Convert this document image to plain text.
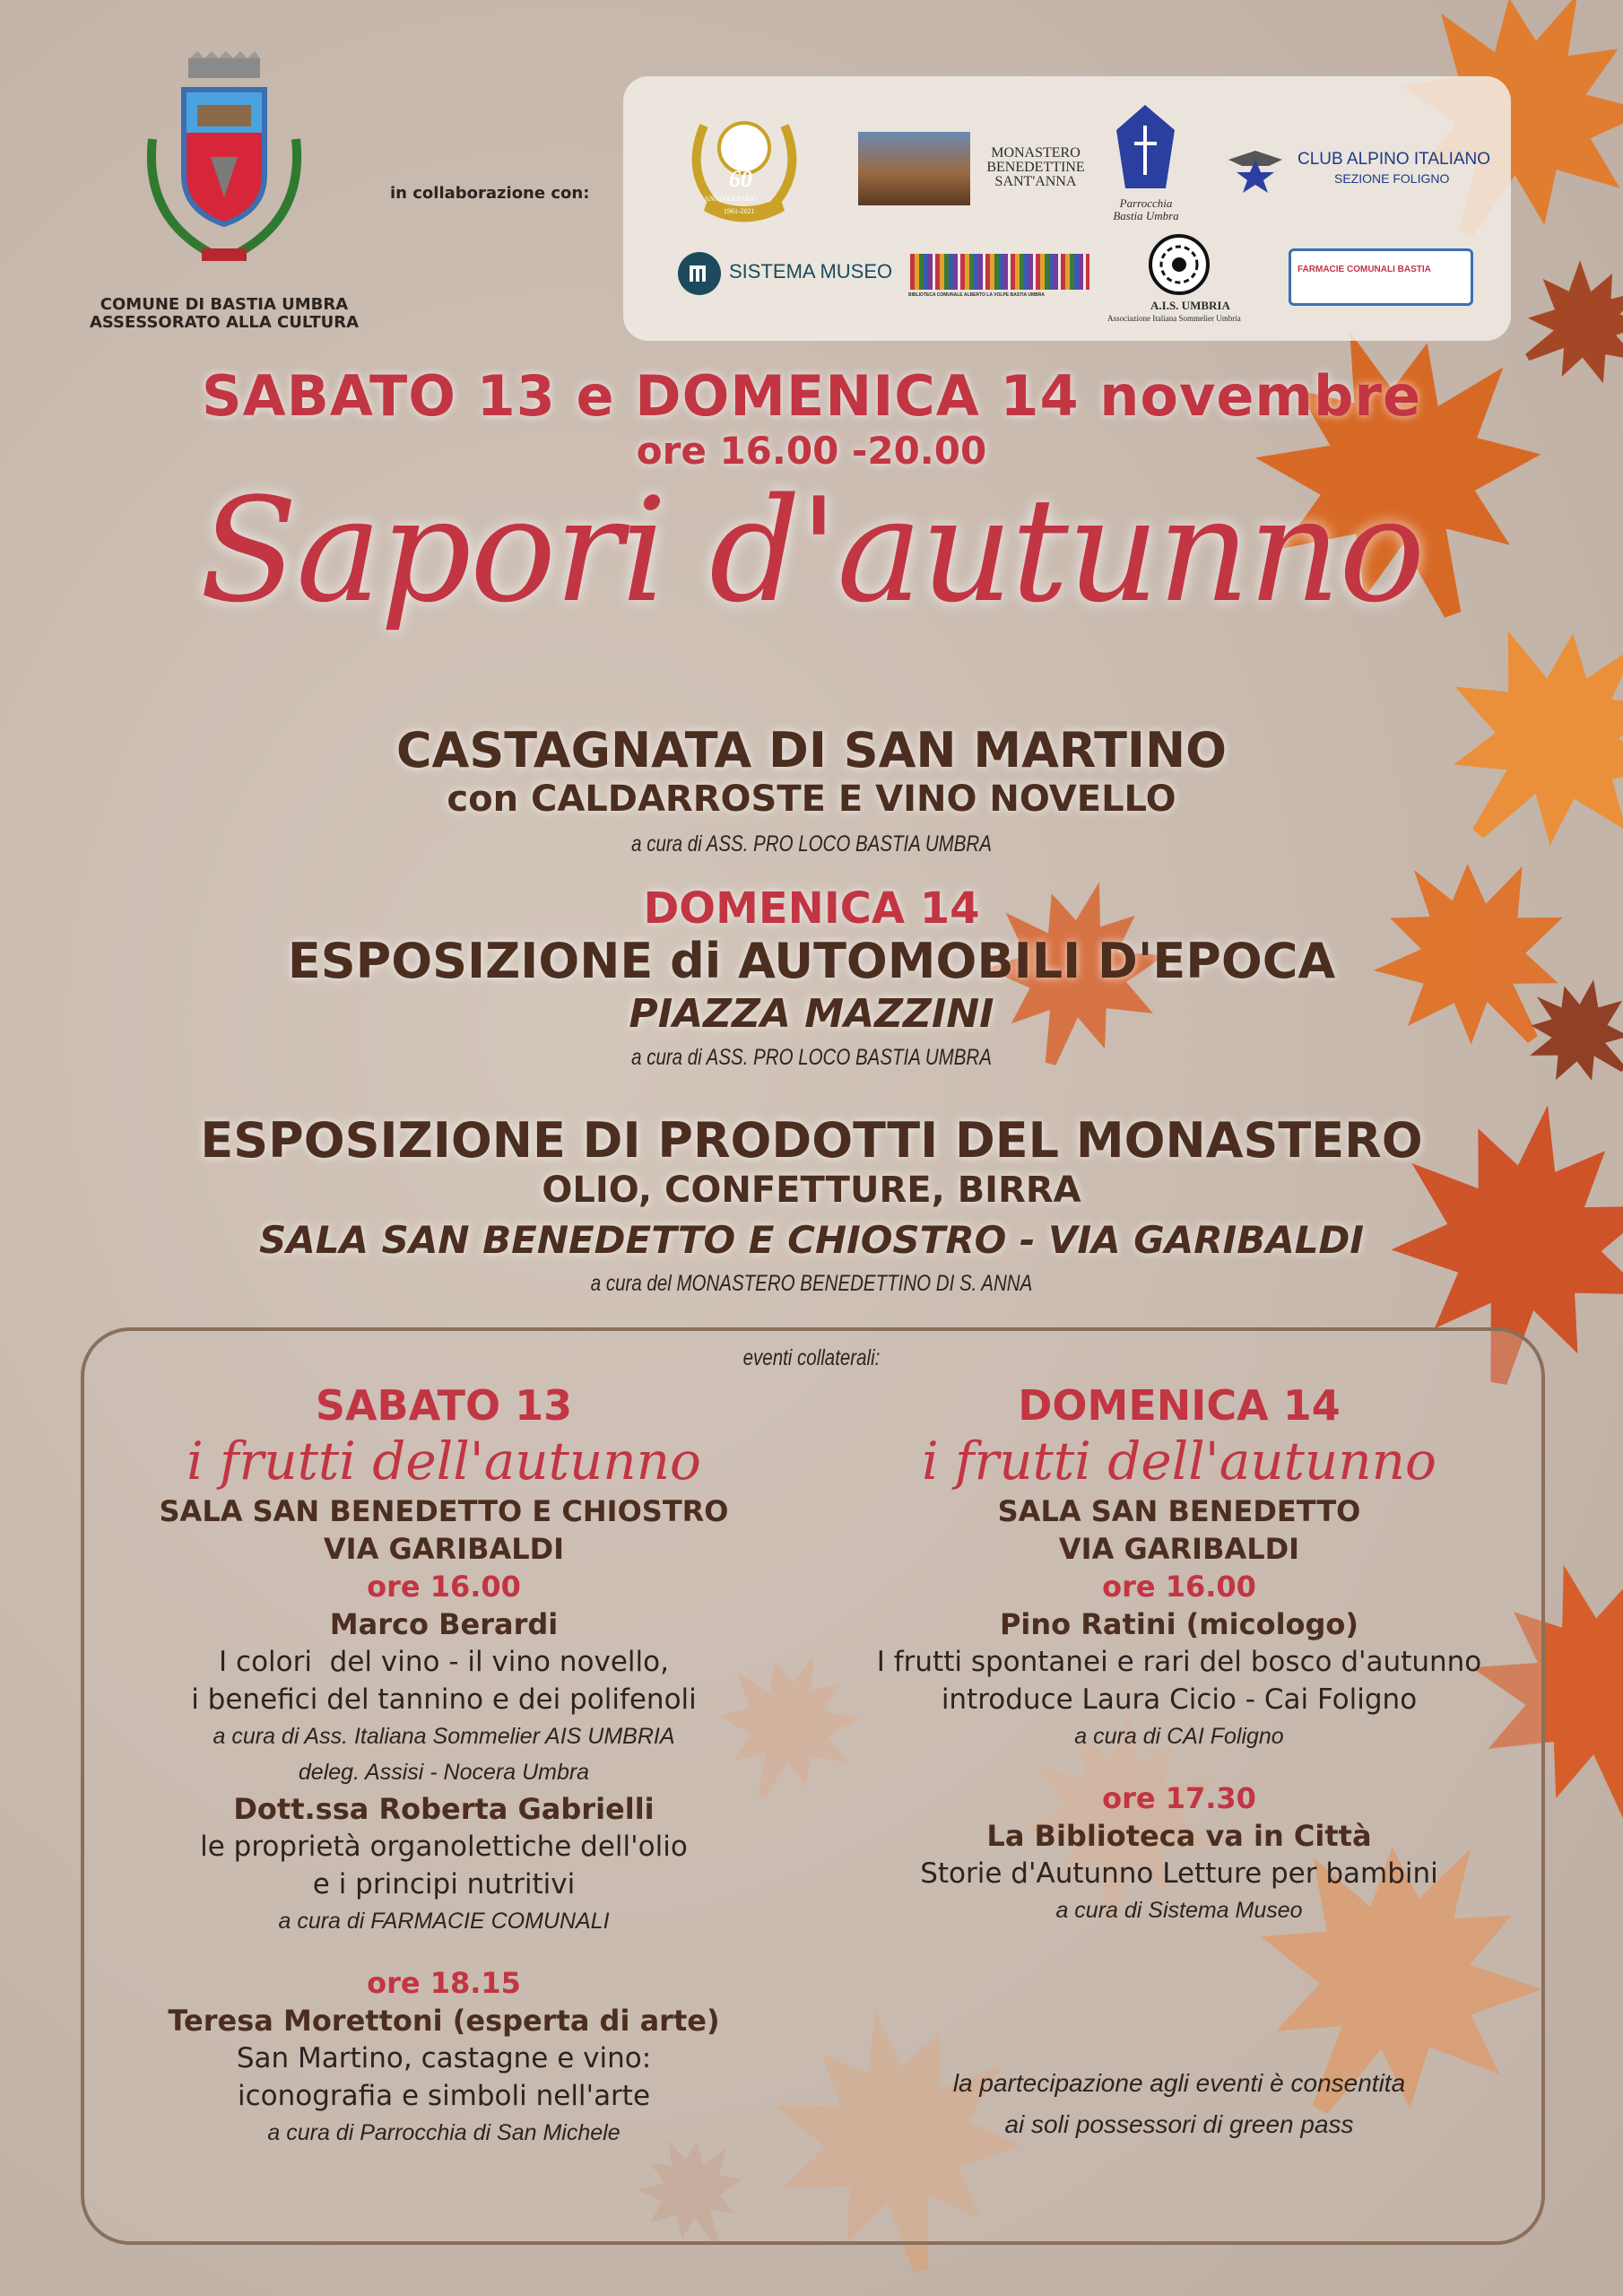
COMUNE DI BASTIA UMBRA
ASSESSORATO ALLA CULTURA
in collaborazione con:
60
ANNIVERSARIO
1961-2021
MONASTERO
BENEDETTINE
SANT'ANNA
Parrocchia
Bastia Umbra
CLUB ALPINO ITALIANO
SEZIONE FOLIGNO
SISTEMA MUSEO
BIBLIOTECA COMUNALE ALBERTO LA VOLPE BASTIA UMBRA
A.I.S. UMBRIA
Associazione Italiana Sommelier Umbria
FARMACIE COMUNALI BASTIA
SABATO 13 e DOMENICA 14 novembre
ore 16.00 -20.00
Sapori d'autunno
CASTAGNATA DI SAN MARTINO
con CALDARROSTE E VINO NOVELLO
a cura di ASS. PRO LOCO BASTIA UMBRA
DOMENICA 14
ESPOSIZIONE di AUTOMOBILI D'EPOCA
PIAZZA MAZZINI
a cura di ASS. PRO LOCO BASTIA UMBRA
ESPOSIZIONE DI PRODOTTI DEL MONASTERO
OLIO, CONFETTURE, BIRRA
SALA SAN BENEDETTO E CHIOSTRO - VIA GARIBALDI
a cura del MONASTERO BENEDETTINO DI S. ANNA
eventi collaterali:
SABATO 13
i frutti dell'autunno
SALA SAN BENEDETTO E CHIOSTRO
VIA GARIBALDI
ore 16.00
Marco Berardi
I colori  del vino - il vino novello,
i benefici del tannino e dei polifenoli
a cura di Ass. Italiana Sommelier AIS UMBRIA
deleg. Assisi - Nocera Umbra
Dott.ssa Roberta Gabrielli
le proprietà organolettiche dell'olio
e i principi nutritivi
a cura di FARMACIE COMUNALI
ore 18.15
Teresa Morettoni (esperta di arte)
San Martino, castagne e vino:
iconografia e simboli nell'arte
a cura di Parrocchia di San Michele
DOMENICA 14
i frutti dell'autunno
SALA SAN BENEDETTO
VIA GARIBALDI
ore 16.00
Pino Ratini (micologo)
I frutti spontanei e rari del bosco d'autunno
introduce Laura Cicio - Cai Foligno
a cura di CAI Foligno
ore 17.30
La Biblioteca va in Città
Storie d'Autunno Letture per bambini
a cura di Sistema Museo
la partecipazione agli eventi è consentita
ai soli possessori di green pass
